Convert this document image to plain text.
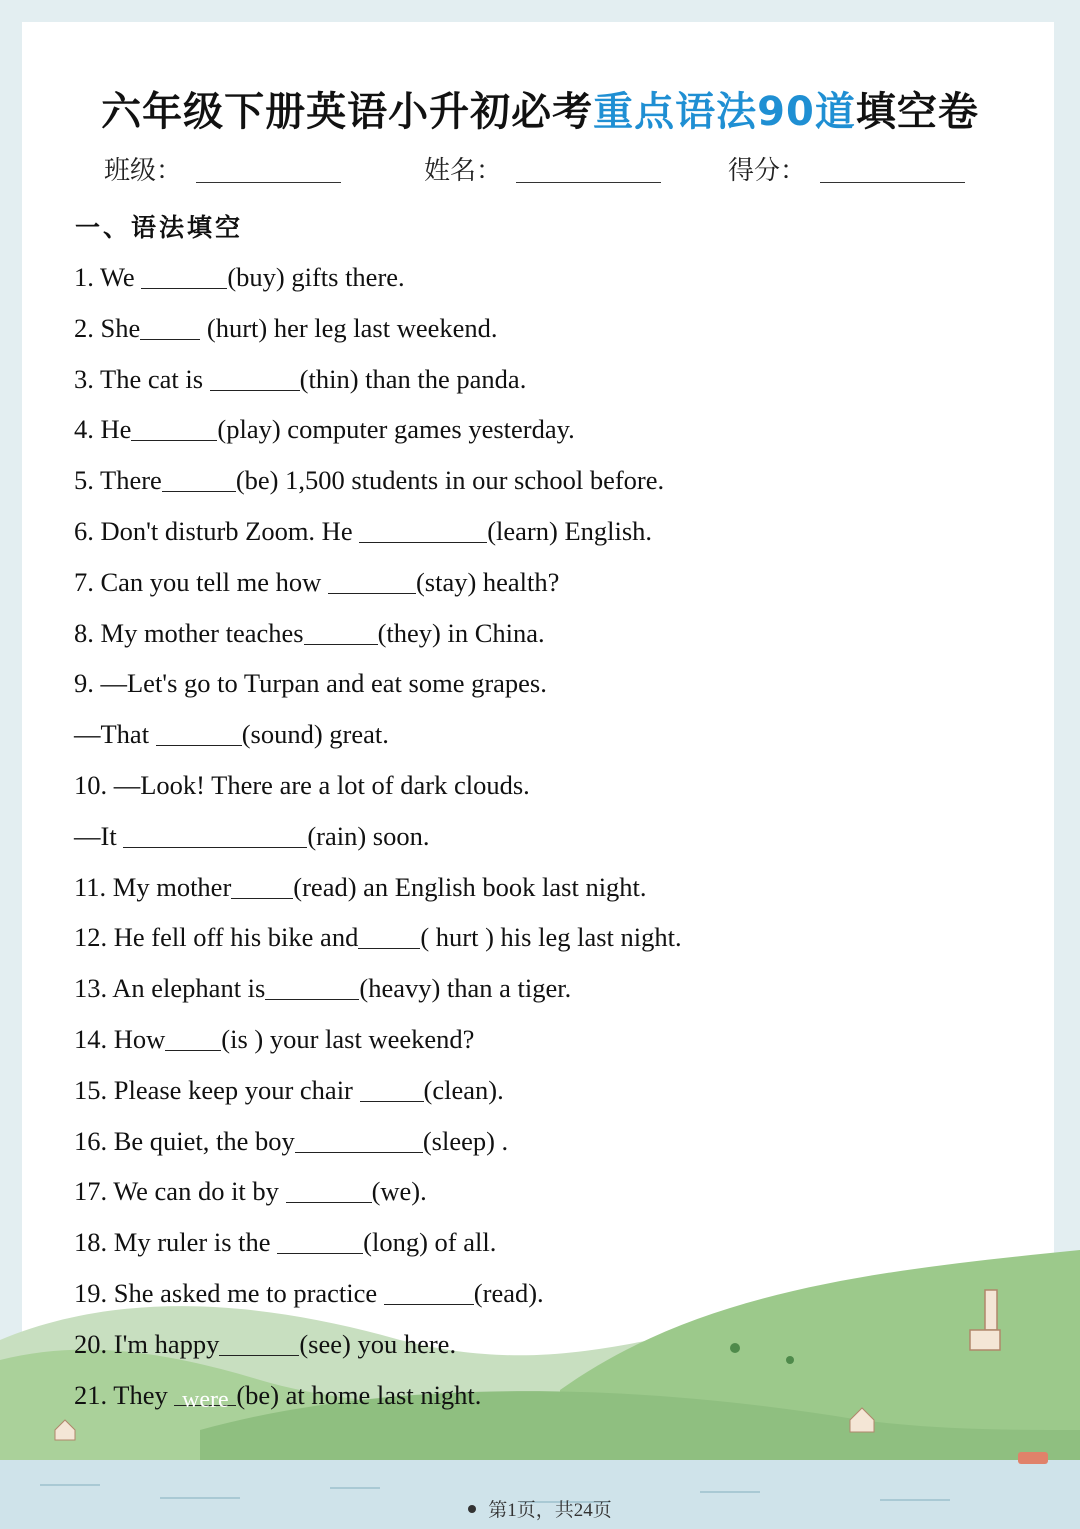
六年级下册英语小升初必考重点语法90道填空卷
班级：	姓名：	得分：
一、语法填空
1. We	(buy) gifts there.
2. She (hurt) her leg last weekend.
3. The cat is	(thin) than the panda.
4. He	(play) computer games yesterday.
5. There	(be) 1,500 students in our school before.
6. Don't disturb Zoom. He	(learn) English.
7. Can you tell me how	(stay) health?
8. My mother teaches	(they) in China.
9. —Let's go to Turpan and eat some grapes.
—That	(sound) great.
10. —Look! There are a lot of dark clouds.
—It	(rain) soon.
11. My mother (read) an English book last night.
12. He fell off his bike and ( hurt ) his leg last night.
13. An elephant is	(heavy) than a tiger.
14. How (is ) your last weekend?
15. Please keep your chair (clean).
16. Be quiet, the boy	(sleep) .
17. We can do it by	(we).
18. My ruler is the	(long) of all.
19. She asked me to practice	(read).
20. I'm happy	(see) you here.
21. They were (be) at home last night.
第1页，共24页
